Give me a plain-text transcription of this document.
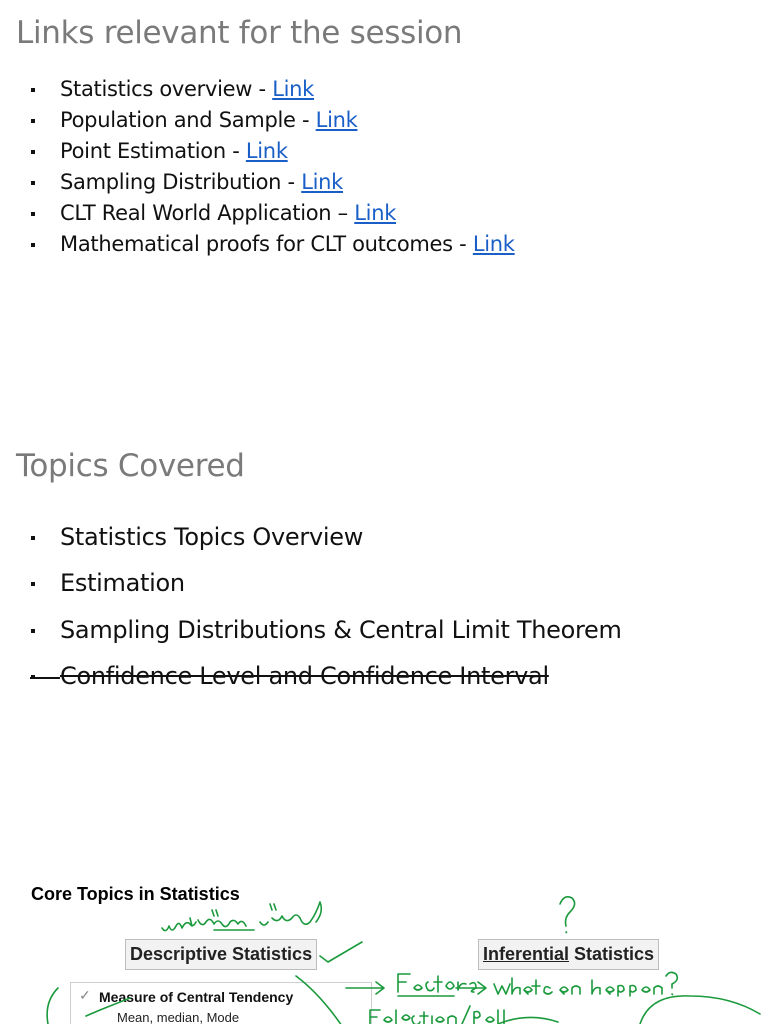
Links relevant for the session
Statistics overview - Link
Population and Sample - Link
Point Estimation - Link
Sampling Distribution - Link
CLT Real World Application – Link
Mathematical proofs for CLT outcomes - Link
Topics Covered
Statistics Topics Overview
Estimation
Sampling Distributions & Central Limit Theorem
Confidence Level and Confidence Interval
Core Topics in Statistics
Descriptive Statistics	Inferential Statistics
✓ Measure of Central Tendency
Mean, median, Mode
